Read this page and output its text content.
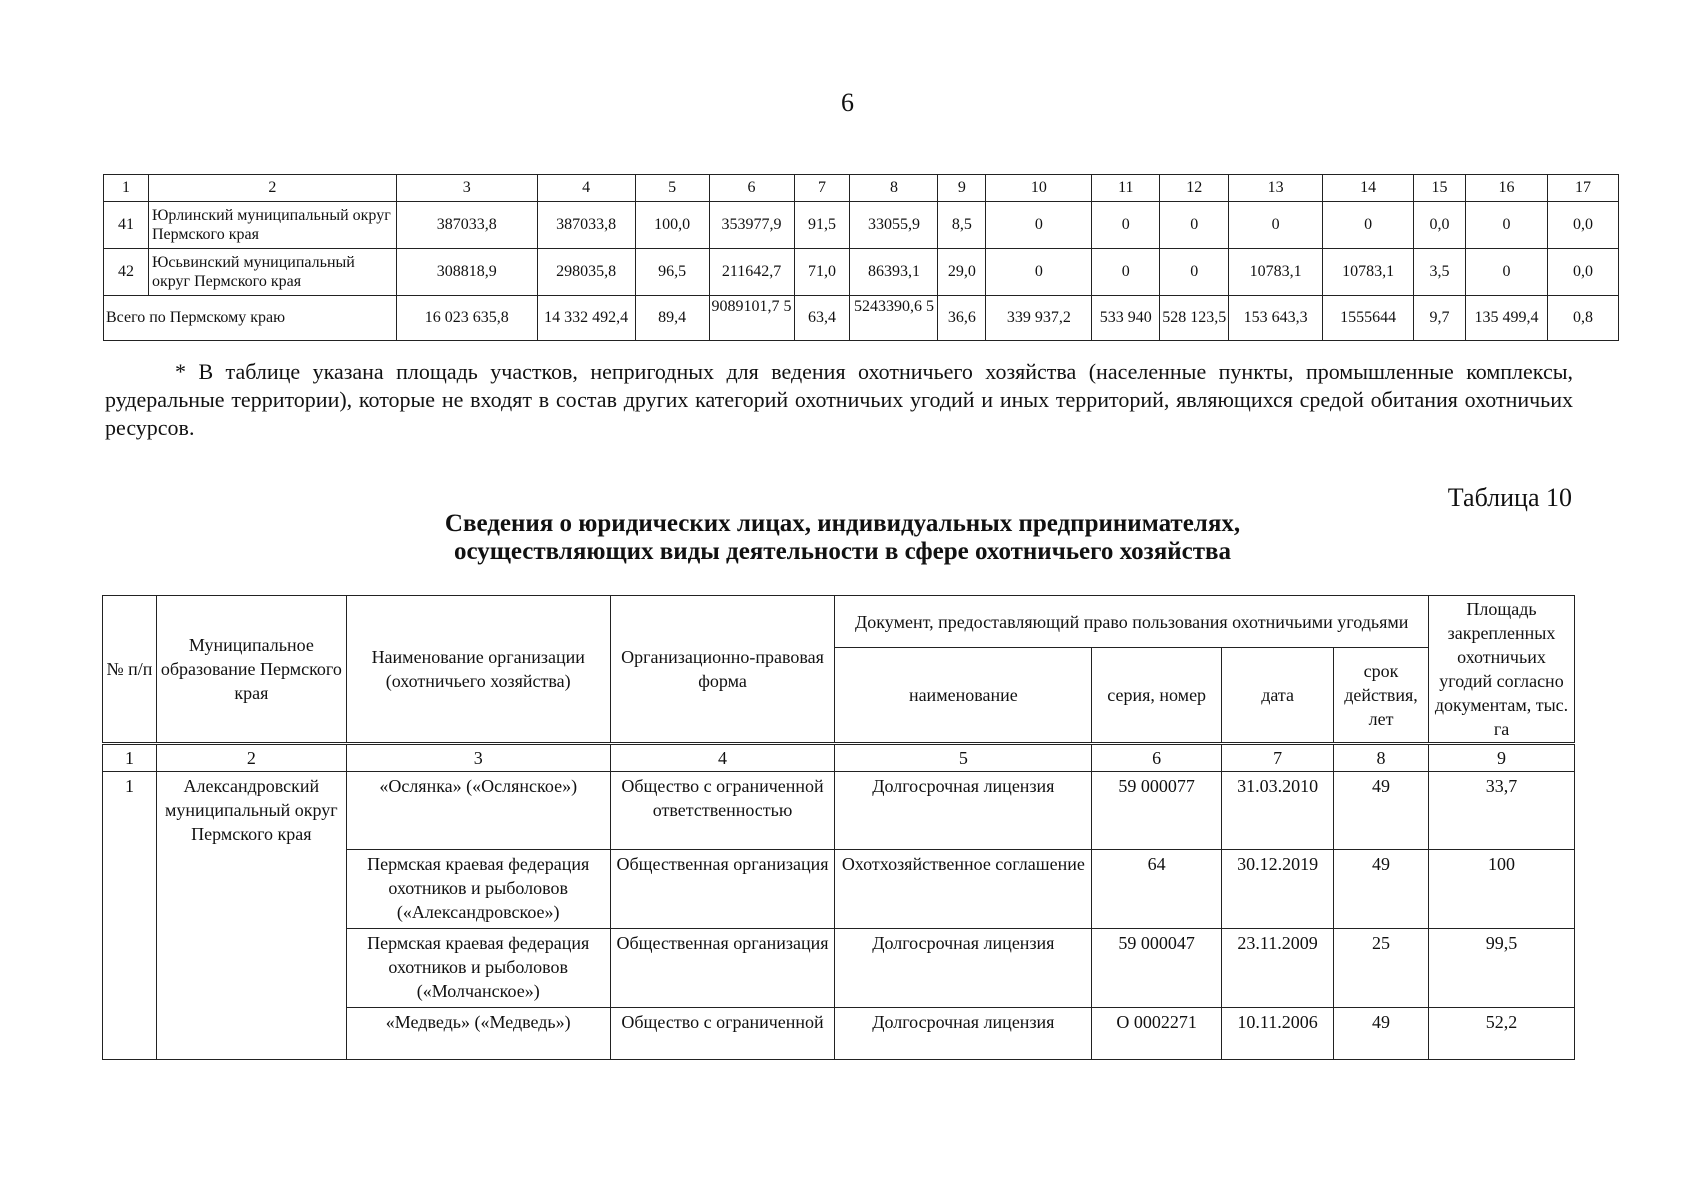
6
1	2	3	4	5	6	7	8	9	10	11	12	13	14	15	16	17
41	Юрлинский муниципальный округ Пермского края	387033,8	387033,8	100,0	353977,9	91,5	33055,9	8,5	0	0	0	0	0	0,0	0	0,0
42	Юсьвинский муниципальный округ Пермского края	308818,9	298035,8	96,5	211642,7	71,0	86393,1	29,0	0	0	0	10783,1	10783,1	3,5	0	0,0
Всего по Пермскому краю		16 023 635,8	14 332 492,4	89,4	9089101,7 5	63,4	5243390,6 5	36,6	339 937,2	533 940	528 123,5	153 643,3	1555644	9,7	135 499,4	0,8
* В таблице указана площадь участков, непригодных для ведения охотничьего хозяйства (населенные пункты, промышленные комплексы, рудеральные территории), которые не входят в состав других категорий охотничьих угодий и иных территорий, являющихся средой обитания охотничьих ресурсов.
Таблица 10
Сведения о юридических лицах, индивидуальных предпринимателях,
осуществляющих виды деятельности в сфере охотничьего хозяйства
№ п/п	Муниципальное образование Пермского края	Наименование организации (охотничьего хозяйства)	Организационно-правовая форма	Документ, предоставляющий право пользования охотничьими угодьями				Площадь закрепленных охотничьих угодий согласно документам, тыс. га
				наименование	серия, номер	дата	срок действия, лет	
1	2	3	4	5	6	7	8	9
1	Александровский муниципальный округ Пермского края	«Ослянка» («Ослянское»)	Общество с ограниченной ответственностью	Долгосрочная лицензия	59 000077	31.03.2010	49	33,7
		Пермская краевая федерация охотников и рыболовов («Александровское»)	Общественная организация	Охотхозяйственное соглашение	64	30.12.2019	49	100
		Пермская краевая федерация охотников и рыболовов («Молчанское»)	Общественная организация	Долгосрочная лицензия	59 000047	23.11.2009	25	99,5
		«Медведь» («Медведь»)	Общество с ограниченной	Долгосрочная лицензия	О 0002271	10.11.2006	49	52,2
